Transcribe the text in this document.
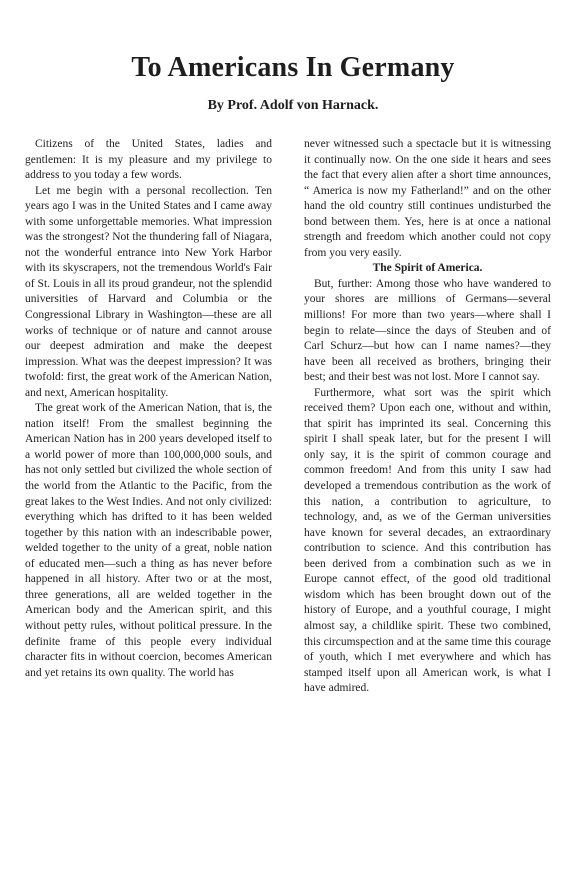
To Americans In Germany

By Prof. Adolf von Harnack.

Citizens of the United States, ladies and gentlemen: It is my pleasure and my privilege to address to you today a few words.

Let me begin with a personal recollection. Ten years ago I was in the United States and I came away with some unforgettable memories. What impression was the strongest? Not the thundering fall of Niagara, not the wonderful entrance into New York Harbor with its skyscrapers, not the tremendous World's Fair of St. Louis in all its proud grandeur, not the splendid universities of Harvard and Columbia or the Congressional Library in Washington—these are all works of technique or of nature and cannot arouse our deepest admiration and make the deepest impression. What was the deepest impression? It was twofold: first, the great work of the American Nation, and next, American hospitality.

The great work of the American Nation, that is, the nation itself! From the smallest beginning the American Nation has in 200 years developed itself to a world power of more than 100,000,000 souls, and has not only settled but civilized the whole section of the world from the Atlantic to the Pacific, from the great lakes to the West Indies. And not only civilized: everything which has drifted to it has been welded together by this nation with an indescribable power, welded together to the unity of a great, noble nation of educated men—such a thing as has never before happened in all history. After two or at the most, three generations, all are welded together in the American body and the American spirit, and this without petty rules, without political pressure. In the definite frame of this people every individual character fits in without coercion, becomes American and yet retains its own quality. The world has

never witnessed such a spectacle but it is witnessing it continually now. On the one side it hears and sees the fact that every alien after a short time announces, “ America is now my Fatherland!” and on the other hand the old country still continues undisturbed the bond between them. Yes, here is at once a national strength and freedom which another could not copy from you very easily.

The Spirit of America.

But, further: Among those who have wandered to your shores are millions of Germans—several millions! For more than two years—where shall I begin to relate—since the days of Steuben and of Carl Schurz—but how can I name names?—they have been all received as brothers, bringing their best; and their best was not lost. More I cannot say.

Furthermore, what sort was the spirit which received them? Upon each one, without and within, that spirit has imprinted its seal. Concerning this spirit I shall speak later, but for the present I will only say, it is the spirit of common courage and common freedom! And from this unity I saw had developed a tremendous contribution as the work of this nation, a contribution to agriculture, to technology, and, as we of the German universities have known for several decades, an extraordinary contribution to science. And this contribution has been derived from a combination such as we in Europe cannot effect, of the good old traditional wisdom which has been brought down out of the history of Europe, and a youthful courage, I might almost say, a childlike spirit. These two combined, this circumspection and at the same time this courage of youth, which I met everywhere and which has stamped itself upon all American work, is what I have admired.
